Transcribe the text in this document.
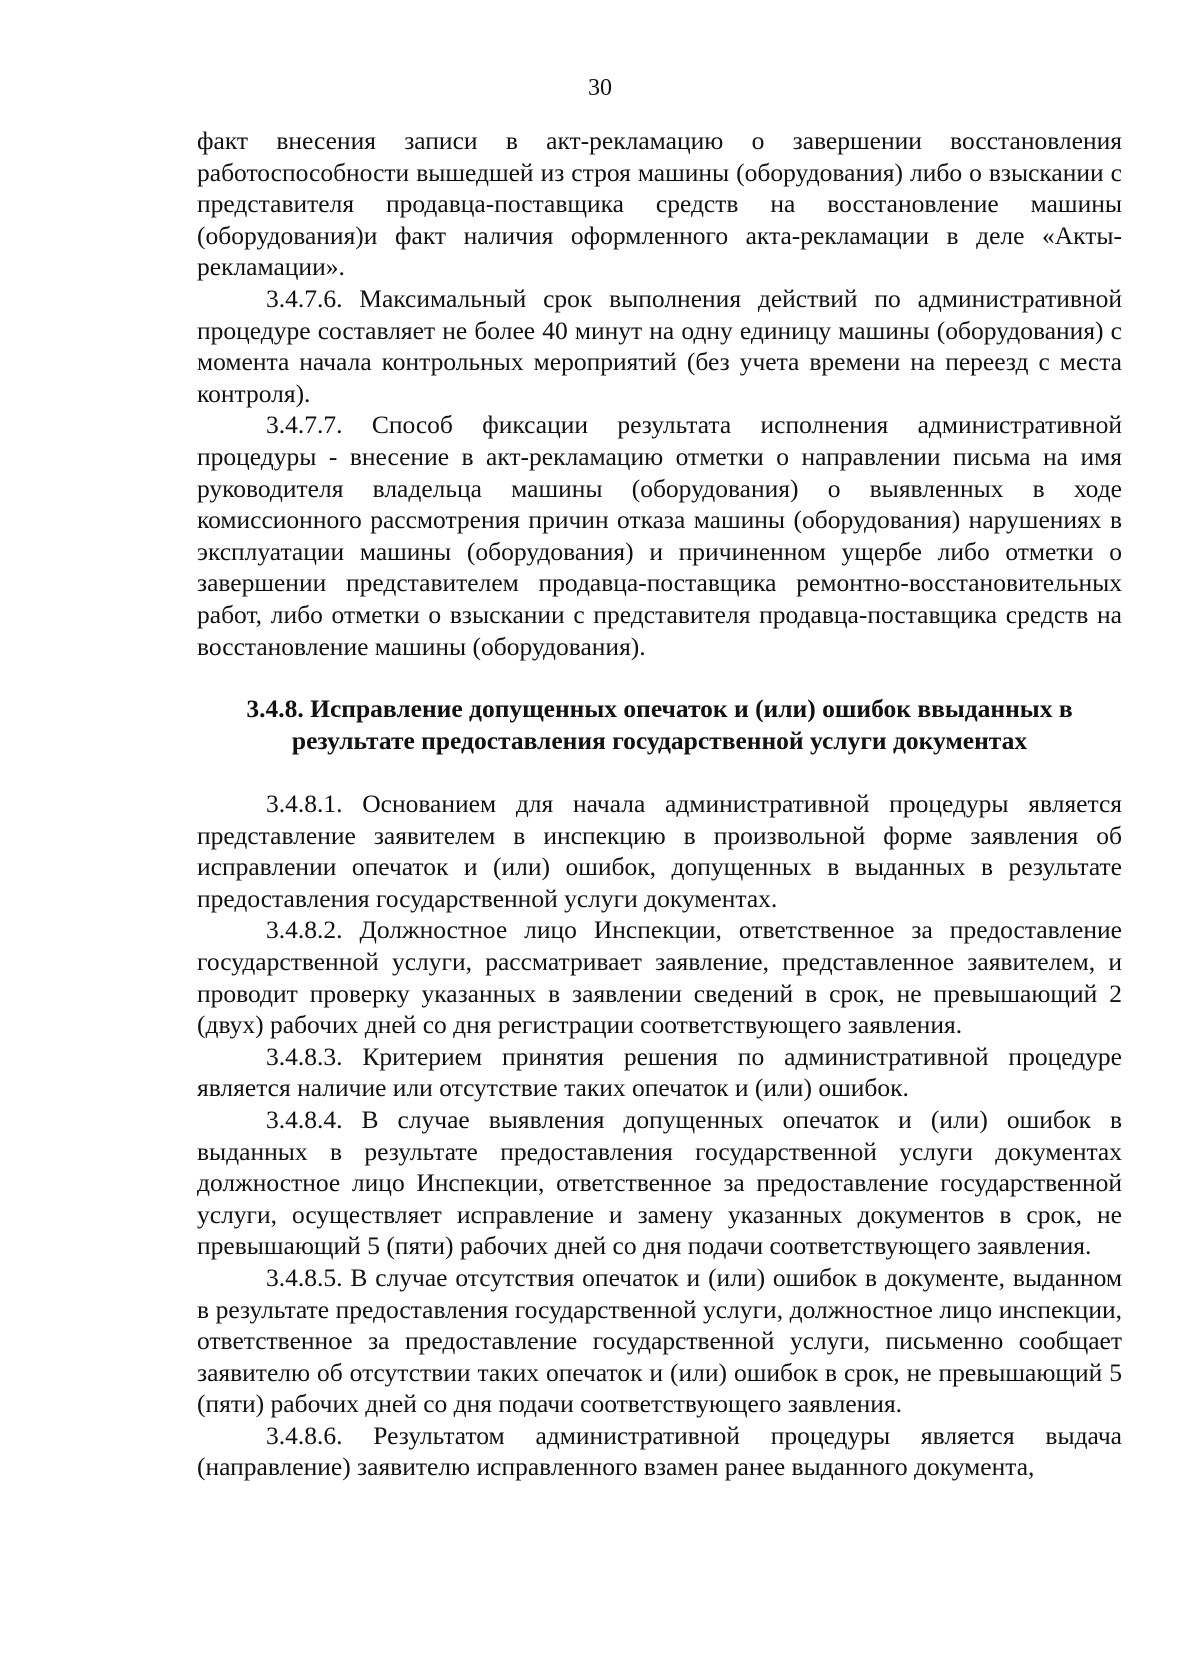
30

факт внесения записи в акт-рекламацию о завершении восстановления работоспособности вышедшей из строя машины (оборудования) либо о взыскании с представителя продавца-поставщика средств на восстановление машины (оборудования)и факт наличия оформленного акта-рекламации в деле «Акты-рекламации».

3.4.7.6. Максимальный срок выполнения действий по административной процедуре составляет не более 40 минут на одну единицу машины (оборудования) с момента начала контрольных мероприятий (без учета времени на переезд с места контроля).

3.4.7.7. Способ фиксации результата исполнения административной процедуры - внесение в акт-рекламацию отметки о направлении письма на имя руководителя владельца машины (оборудования) о выявленных в ходе комиссионного рассмотрения причин отказа машины (оборудования) нарушениях в эксплуатации машины (оборудования) и причиненном ущербе либо отметки о завершении представителем продавца-поставщика ремонтно-восстановительных работ, либо отметки о взыскании с представителя продавца-поставщика средств на восстановление машины (оборудования).

3.4.8. Исправление допущенных опечаток и (или) ошибок ввыданных в
результате предоставления государственной услуги документах

3.4.8.1. Основанием для начала административной процедуры является представление заявителем в инспекцию в произвольной форме заявления об исправлении опечаток и (или) ошибок, допущенных в выданных в результате предоставления государственной услуги документах.

3.4.8.2. Должностное лицо Инспекции, ответственное за предоставление государственной услуги, рассматривает заявление, представленное заявителем, и проводит проверку указанных в заявлении сведений в срок, не превышающий 2 (двух) рабочих дней со дня регистрации соответствующего заявления.

3.4.8.3. Критерием принятия решения по административной процедуре является наличие или отсутствие таких опечаток и (или) ошибок.

3.4.8.4. В случае выявления допущенных опечаток и (или) ошибок в выданных в результате предоставления государственной услуги документах должностное лицо Инспекции, ответственное за предоставление государственной услуги, осуществляет исправление и замену указанных документов в срок, не превышающий 5 (пяти) рабочих дней со дня подачи соответствующего заявления.

3.4.8.5. В случае отсутствия опечаток и (или) ошибок в документе, выданном в результате предоставления государственной услуги, должностное лицо инспекции, ответственное за предоставление государственной услуги, письменно сообщает заявителю об отсутствии таких опечаток и (или) ошибок в срок, не превышающий 5 (пяти) рабочих дней со дня подачи соответствующего заявления.

3.4.8.6. Результатом административной процедуры является выдача (направление) заявителю исправленного взамен ранее выданного документа,
